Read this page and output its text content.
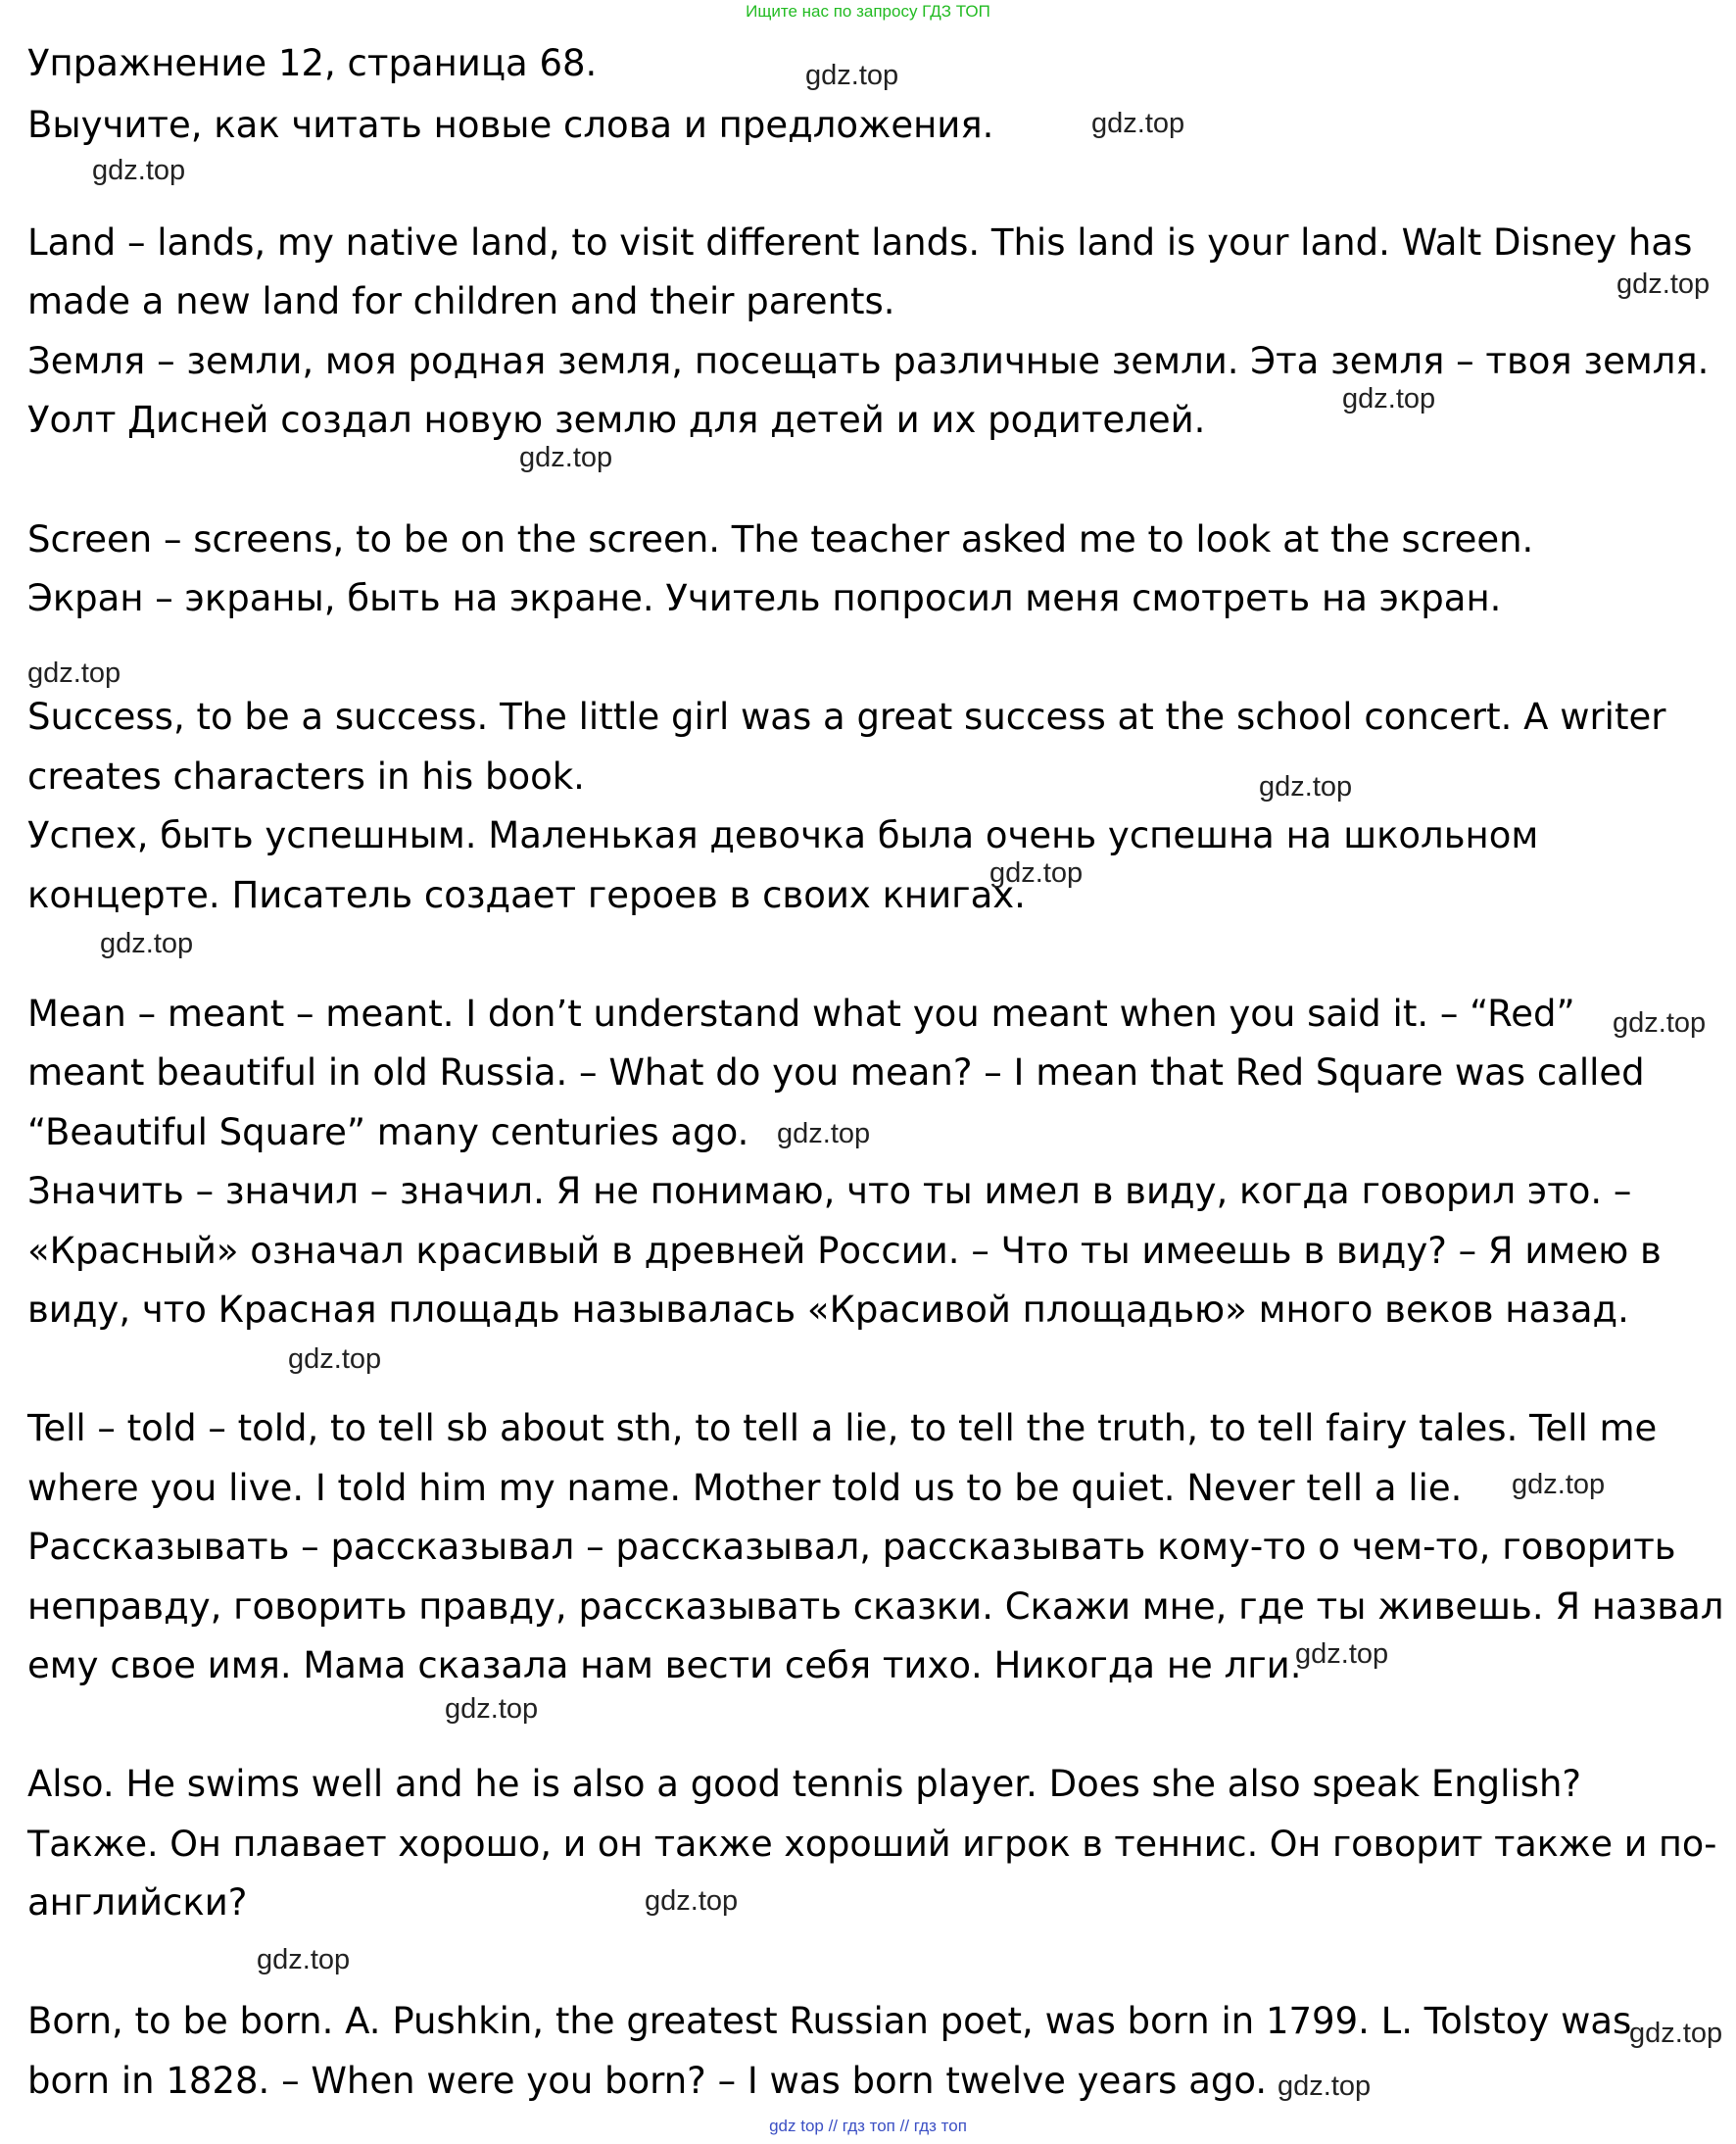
Ищите нас по запросу ГДЗ ТОП

Упражнение 12, страница 68.

Выучите, как читать новые слова и предложения.

Land – lands, my native land, to visit different lands. This land is your land. Walt Disney has

made a new land for children and their parents.

Земля – земли, моя родная земля, посещать различные земли. Эта земля – твоя земля.

Уолт Дисней создал новую землю для детей и их родителей.

Screen – screens, to be on the screen. The teacher asked me to look at the screen.

Экран – экраны, быть на экране. Учитель попросил меня смотреть на экран.

Success, to be a success. The little girl was a great success at the school concert. A writer

creates characters in his book.

Успех, быть успешным. Маленькая девочка была очень успешна на школьном

концерте. Писатель создает героев в своих книгах.

Mean – meant – meant. I don’t understand what you meant when you said it. – “Red”

meant beautiful in old Russia. – What do you mean? – I mean that Red Square was called

“Beautiful Square” many centuries ago.

Значить – значил – значил. Я не понимаю, что ты имел в виду, когда говорил это. –

«Красный» означал красивый в древней России. – Что ты имеешь в виду? – Я имею в

виду, что Красная площадь называлась «Красивой площадью» много веков назад.

Tell – told – told, to tell sb about sth, to tell a lie, to tell the truth, to tell fairy tales. Tell me

where you live. I told him my name. Mother told us to be quiet. Never tell a lie.

Рассказывать – рассказывал – рассказывал, рассказывать кому-то о чем-то, говорить

неправду, говорить правду, рассказывать сказки. Скажи мне, где ты живешь. Я назвал

ему свое имя. Мама сказала нам вести себя тихо. Никогда не лги.

Also. He swims well and he is also a good tennis player. Does she also speak English?

Также. Он плавает хорошо, и он также хороший игрок в теннис. Он говорит также и по-

английски?

Born, to be born. A. Pushkin, the greatest Russian poet, was born in 1799. L. Tolstoy was

born in 1828. – When were you born? – I was born twelve years ago.

gdz.top
gdz.top
gdz.top
gdz.top
gdz.top
gdz.top
gdz.top
gdz.top
gdz.top
gdz.top
gdz.top
gdz.top
gdz.top
gdz.top
gdz.top
gdz.top
gdz.top
gdz.top
gdz.top
gdz.top
gdz top // гдз топ // гдз топ
